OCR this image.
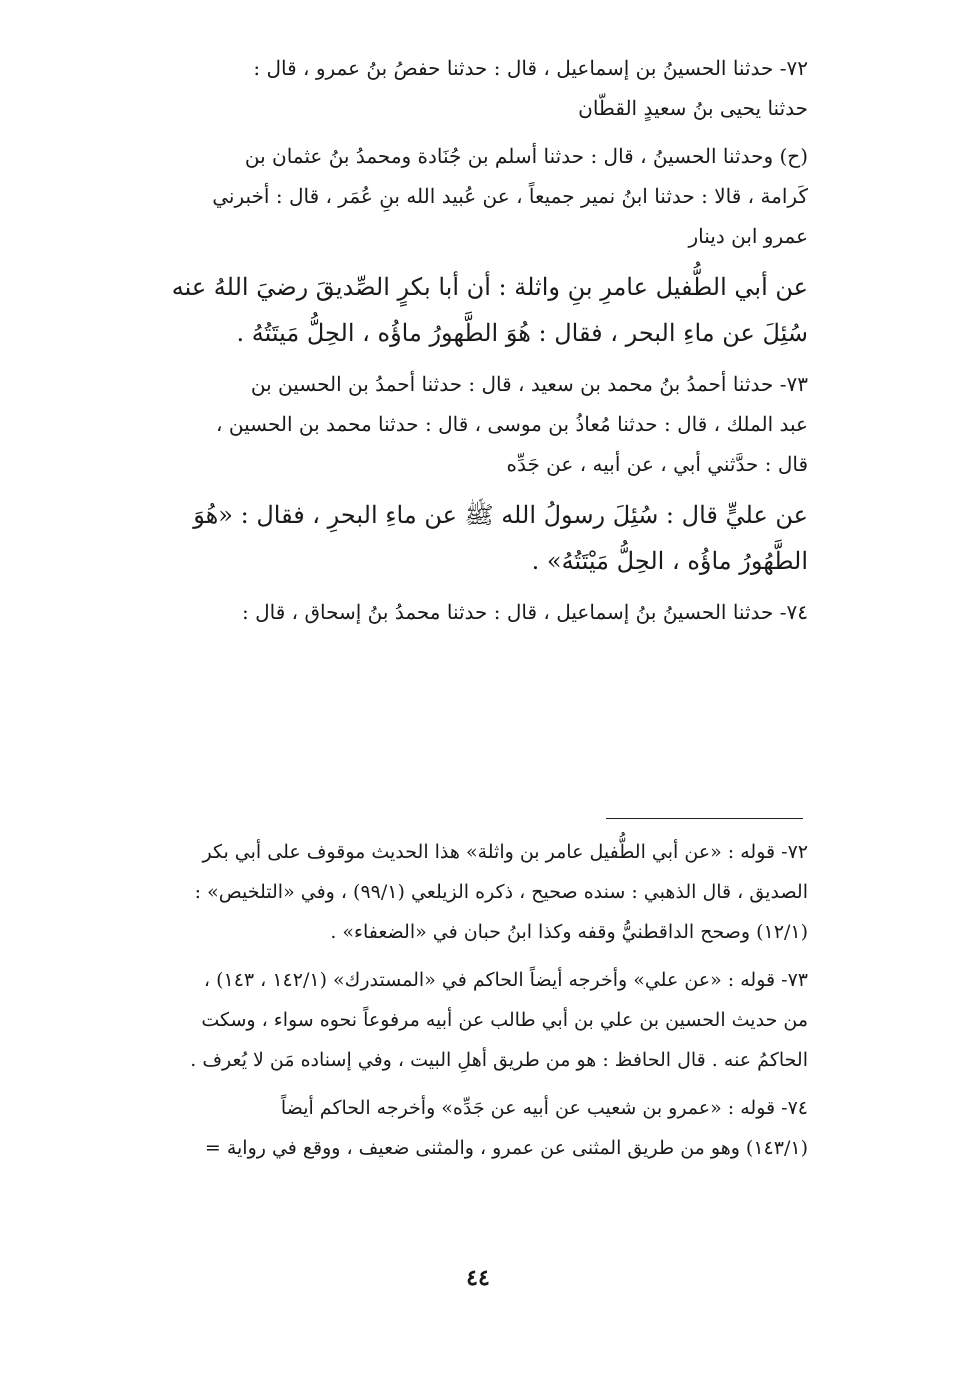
٧٢- حدثنا الحسينُ بن إسماعيل ، قال : حدثنا حفصُ بنُ عمرو ، قال :
حدثنا يحيى بنُ سعيدٍ القطّان

(ح) وحدثنا الحسينُ ، قال : حدثنا أسلم بن جُنَادة ومحمدُ بنُ عثمان بن
كَرامة ، قالا : حدثنا ابنُ نمير جميعاً ، عن عُبيد الله بنِ عُمَر ، قال : أخبرني
عمرو ابن دينار

عن أبي الطُّفيل عامرِ بنِ واثلة : أن أبا بكرٍ الصِّديقَ رضيَ اللهُ عنه
سُئِلَ عن ماءِ البحر ، فقال : هُوَ الطَّهورُ ماؤُه ، الحِلُّ مَيتَتُهُ .

٧٣- حدثنا أحمدُ بنُ محمد بن سعيد ، قال : حدثنا أحمدُ بن الحسين بن
عبد الملك ، قال : حدثنا مُعاذُ بن موسى ، قال : حدثنا محمد بن الحسين ،
قال : حدَّثني أبي ، عن أبيه ، عن جَدِّه

عن عليٍّ قال : سُئِلَ رسولُ الله ﷺ عن ماءِ البحرِ ، فقال : «هُوَ
الطَّهُورُ ماؤُه ، الحِلُّ مَيْتَتُهُ» .

٧٤- حدثنا الحسينُ بنُ إسماعيل ، قال : حدثنا محمدُ بنُ إسحاق ، قال :

٧٢- قوله : «عن أبي الطُّفيل عامر بن واثلة» هذا الحديث موقوف على أبي بكر
الصديق ، قال الذهبي : سنده صحيح ، ذكره الزيلعي (٩٩/١) ، وفي «التلخيص» :
(١٢/١) وصحح الداقطنيُّ وقفه وكذا ابنُ حبان في «الضعفاء» .

٧٣- قوله : «عن علي» وأخرجه أيضاً الحاكم في «المستدرك» (١٤٢/١ ، ١٤٣) ،
من حديث الحسين بن علي بن أبي طالب عن أبيه مرفوعاً نحوه سواء ، وسكت
الحاكمُ عنه . قال الحافظ : هو من طريق أهلِ البيت ، وفي إسناده مَن لا يُعرف .

٧٤- قوله : «عمرو بن شعيب عن أبيه عن جَدِّه» وأخرجه الحاكم أيضاً
(١٤٣/١) وهو من طريق المثنى عن عمرو ، والمثنى ضعيف ، ووقع في رواية =

٤٤
